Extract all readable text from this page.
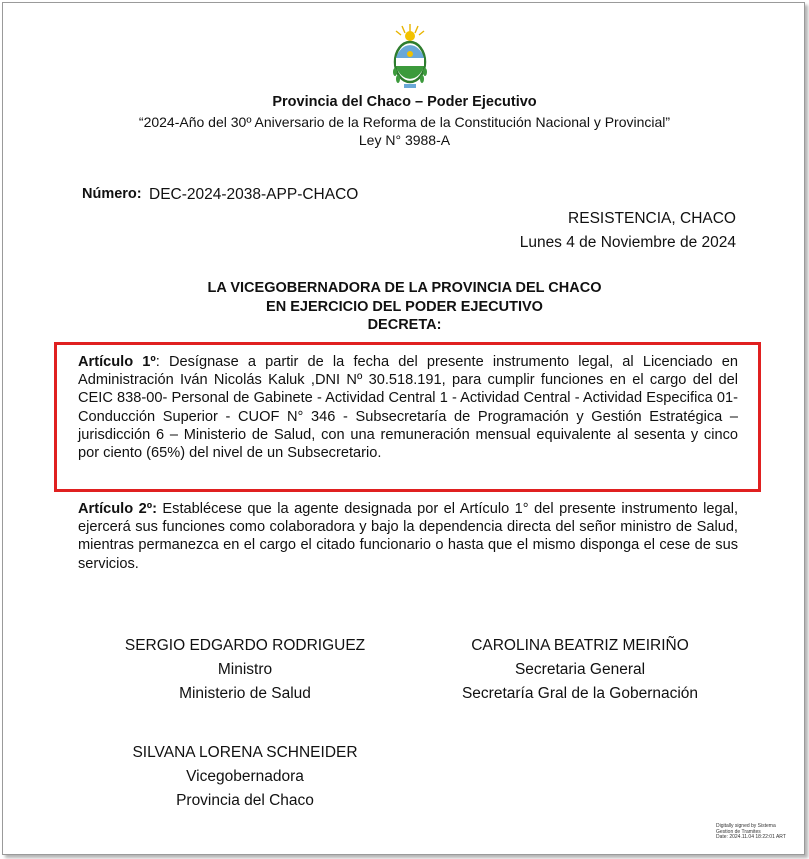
Provincia del Chaco – Poder Ejecutivo
“2024-Año del 30º Aniversario de la Reforma de la Constitución Nacional y Provincial”
Ley N° 3988-A
Número: DEC-2024-2038-APP-CHACO
RESISTENCIA, CHACO
Lunes 4 de Noviembre de 2024
LA VICEGOBERNADORA DE LA PROVINCIA DEL CHACO
EN EJERCICIO DEL PODER EJECUTIVO
DECRETA:
Artículo 1º: Desígnase a partir de la fecha del presente instrumento legal, al Licenciado en Administración Iván Nicolás Kaluk ,DNI Nº 30.518.191, para cumplir funciones en el cargo del del CEIC 838-00- Personal de Gabinete - Actividad Central 1 - Actividad Central - Actividad Especifica 01- Conducción Superior - CUOF N° 346 - Subsecretaría de Programación y Gestión Estratégica – jurisdicción 6 – Ministerio de Salud, con una remuneración mensual equivalente al sesenta y cinco por ciento (65%) del nivel de un Subsecretario.
Artículo 2º: Establécese que la agente designada por el Artículo 1° del presente instrumento legal, ejercerá sus funciones como colaboradora y bajo la dependencia directa del señor ministro de Salud, mientras permanezca en el cargo el citado funcionario o hasta que el mismo disponga el cese de sus servicios.
SERGIO EDGARDO RODRIGUEZ
Ministro
Ministerio de Salud
CAROLINA BEATRIZ MEIRIÑO
Secretaria General
Secretaría Gral de la Gobernación
SILVANA LORENA SCHNEIDER
Vicegobernadora
Provincia del Chaco
Digitally signed by Sistema
Gestion de Tramites
Date: 2024.11.04 18:22:01 ART
